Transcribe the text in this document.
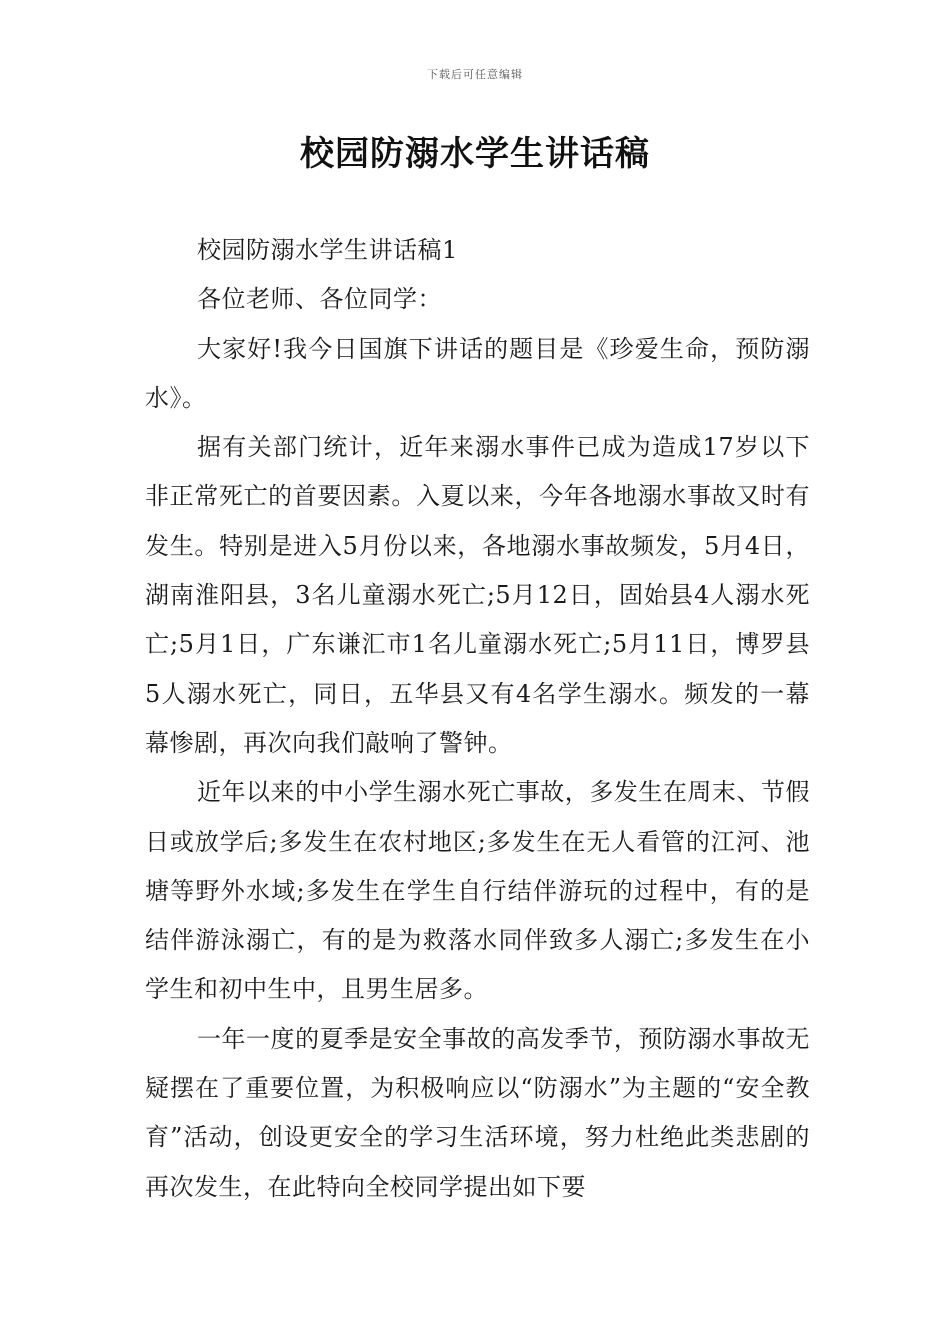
下载后可任意编辑
校园防溺水学生讲话稿

校园防溺水学生讲话稿1

各位老师、各位同学：

大家好!我今日国旗下讲话的题目是《珍爱生命，预防溺水》。

据有关部门统计，近年来溺水事件已成为造成17岁以下非正常死亡的首要因素。入夏以来，今年各地溺水事故又时有发生。特别是进入5月份以来，各地溺水事故频发，5月4日，湖南淮阳县，3名儿童溺水死亡;5月12日，固始县4人溺水死亡;5月1日，广东谦汇市1名儿童溺水死亡;5月11日，博罗县5人溺水死亡，同日，五华县又有4名学生溺水。频发的一幕幕惨剧，再次向我们敲响了警钟。

近年以来的中小学生溺水死亡事故，多发生在周末、节假日或放学后;多发生在农村地区;多发生在无人看管的江河、池塘等野外水域;多发生在学生自行结伴游玩的过程中，有的是结伴游泳溺亡，有的是为救落水同伴致多人溺亡;多发生在小学生和初中生中，且男生居多。

一年一度的夏季是安全事故的高发季节，预防溺水事故无疑摆在了重要位置，为积极响应以“防溺水”为主题的“安全教育”活动，创设更安全的学习生活环境，努力杜绝此类悲剧的再次发生，在此特向全校同学提出如下要
